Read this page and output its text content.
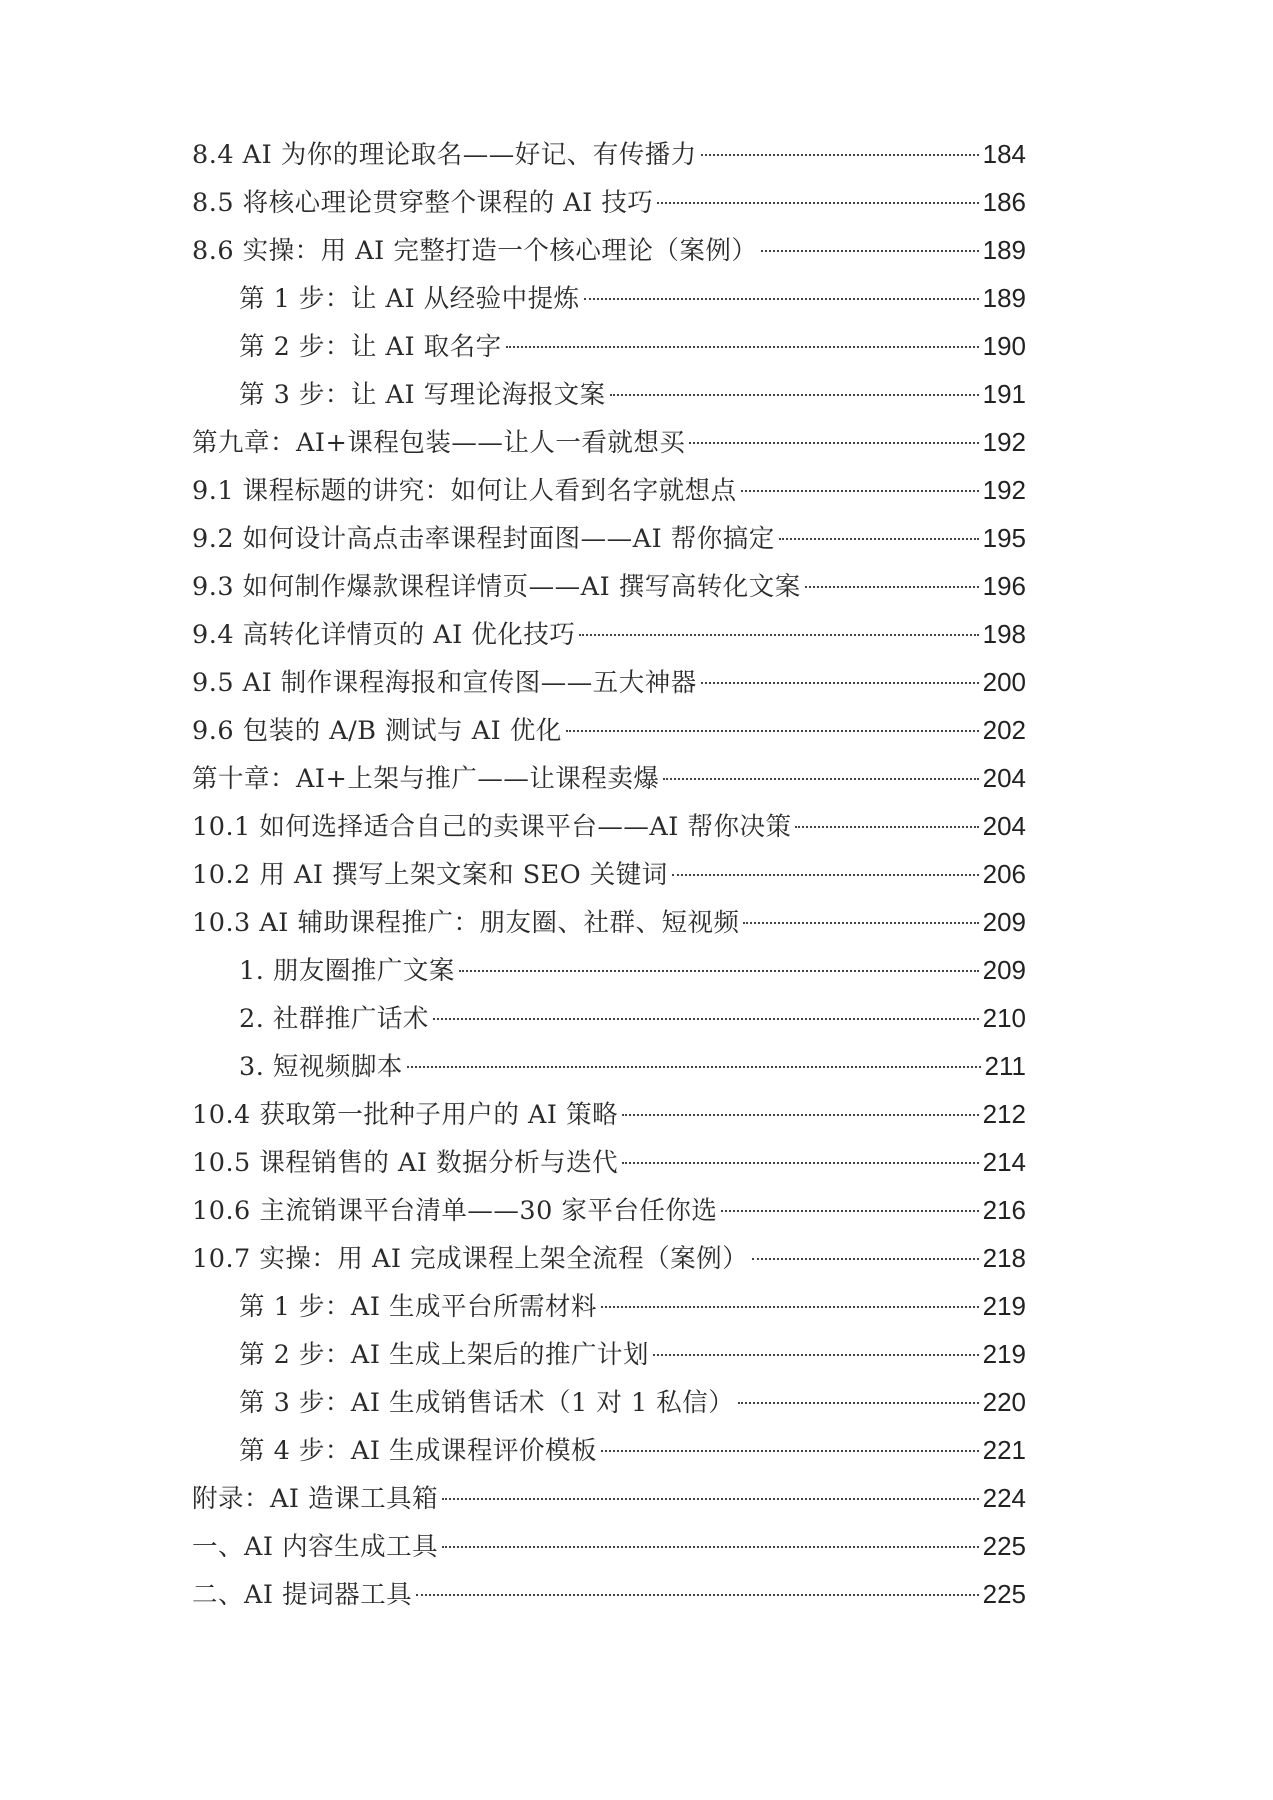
8.4 AI 为你的理论取名——好记、有传播力	184
8.5 将核心理论贯穿整个课程的 AI 技巧	186
8.6 实操：用 AI 完整打造一个核心理论（案例）	189
第 1 步：让 AI 从经验中提炼	189
第 2 步：让 AI 取名字	190
第 3 步：让 AI 写理论海报文案	191
第九章：AI+课程包装——让人一看就想买	192
9.1 课程标题的讲究：如何让人看到名字就想点	192
9.2 如何设计高点击率课程封面图——AI 帮你搞定	195
9.3 如何制作爆款课程详情页——AI 撰写高转化文案	196
9.4 高转化详情页的 AI 优化技巧	198
9.5 AI 制作课程海报和宣传图——五大神器	200
9.6 包装的 A/B 测试与 AI 优化	202
第十章：AI+上架与推广——让课程卖爆	204
10.1 如何选择适合自己的卖课平台——AI 帮你决策	204
10.2 用 AI 撰写上架文案和 SEO 关键词	206
10.3 AI 辅助课程推广：朋友圈、社群、短视频	209
1. 朋友圈推广文案	209
2. 社群推广话术	210
3. 短视频脚本	211
10.4 获取第一批种子用户的 AI 策略	212
10.5 课程销售的 AI 数据分析与迭代	214
10.6 主流销课平台清单——30 家平台任你选	216
10.7 实操：用 AI 完成课程上架全流程（案例）	218
第 1 步：AI 生成平台所需材料	219
第 2 步：AI 生成上架后的推广计划	219
第 3 步：AI 生成销售话术（1 对 1 私信）	220
第 4 步：AI 生成课程评价模板	221
附录：AI 造课工具箱	224
一、AI 内容生成工具	225
二、AI 提词器工具	225
